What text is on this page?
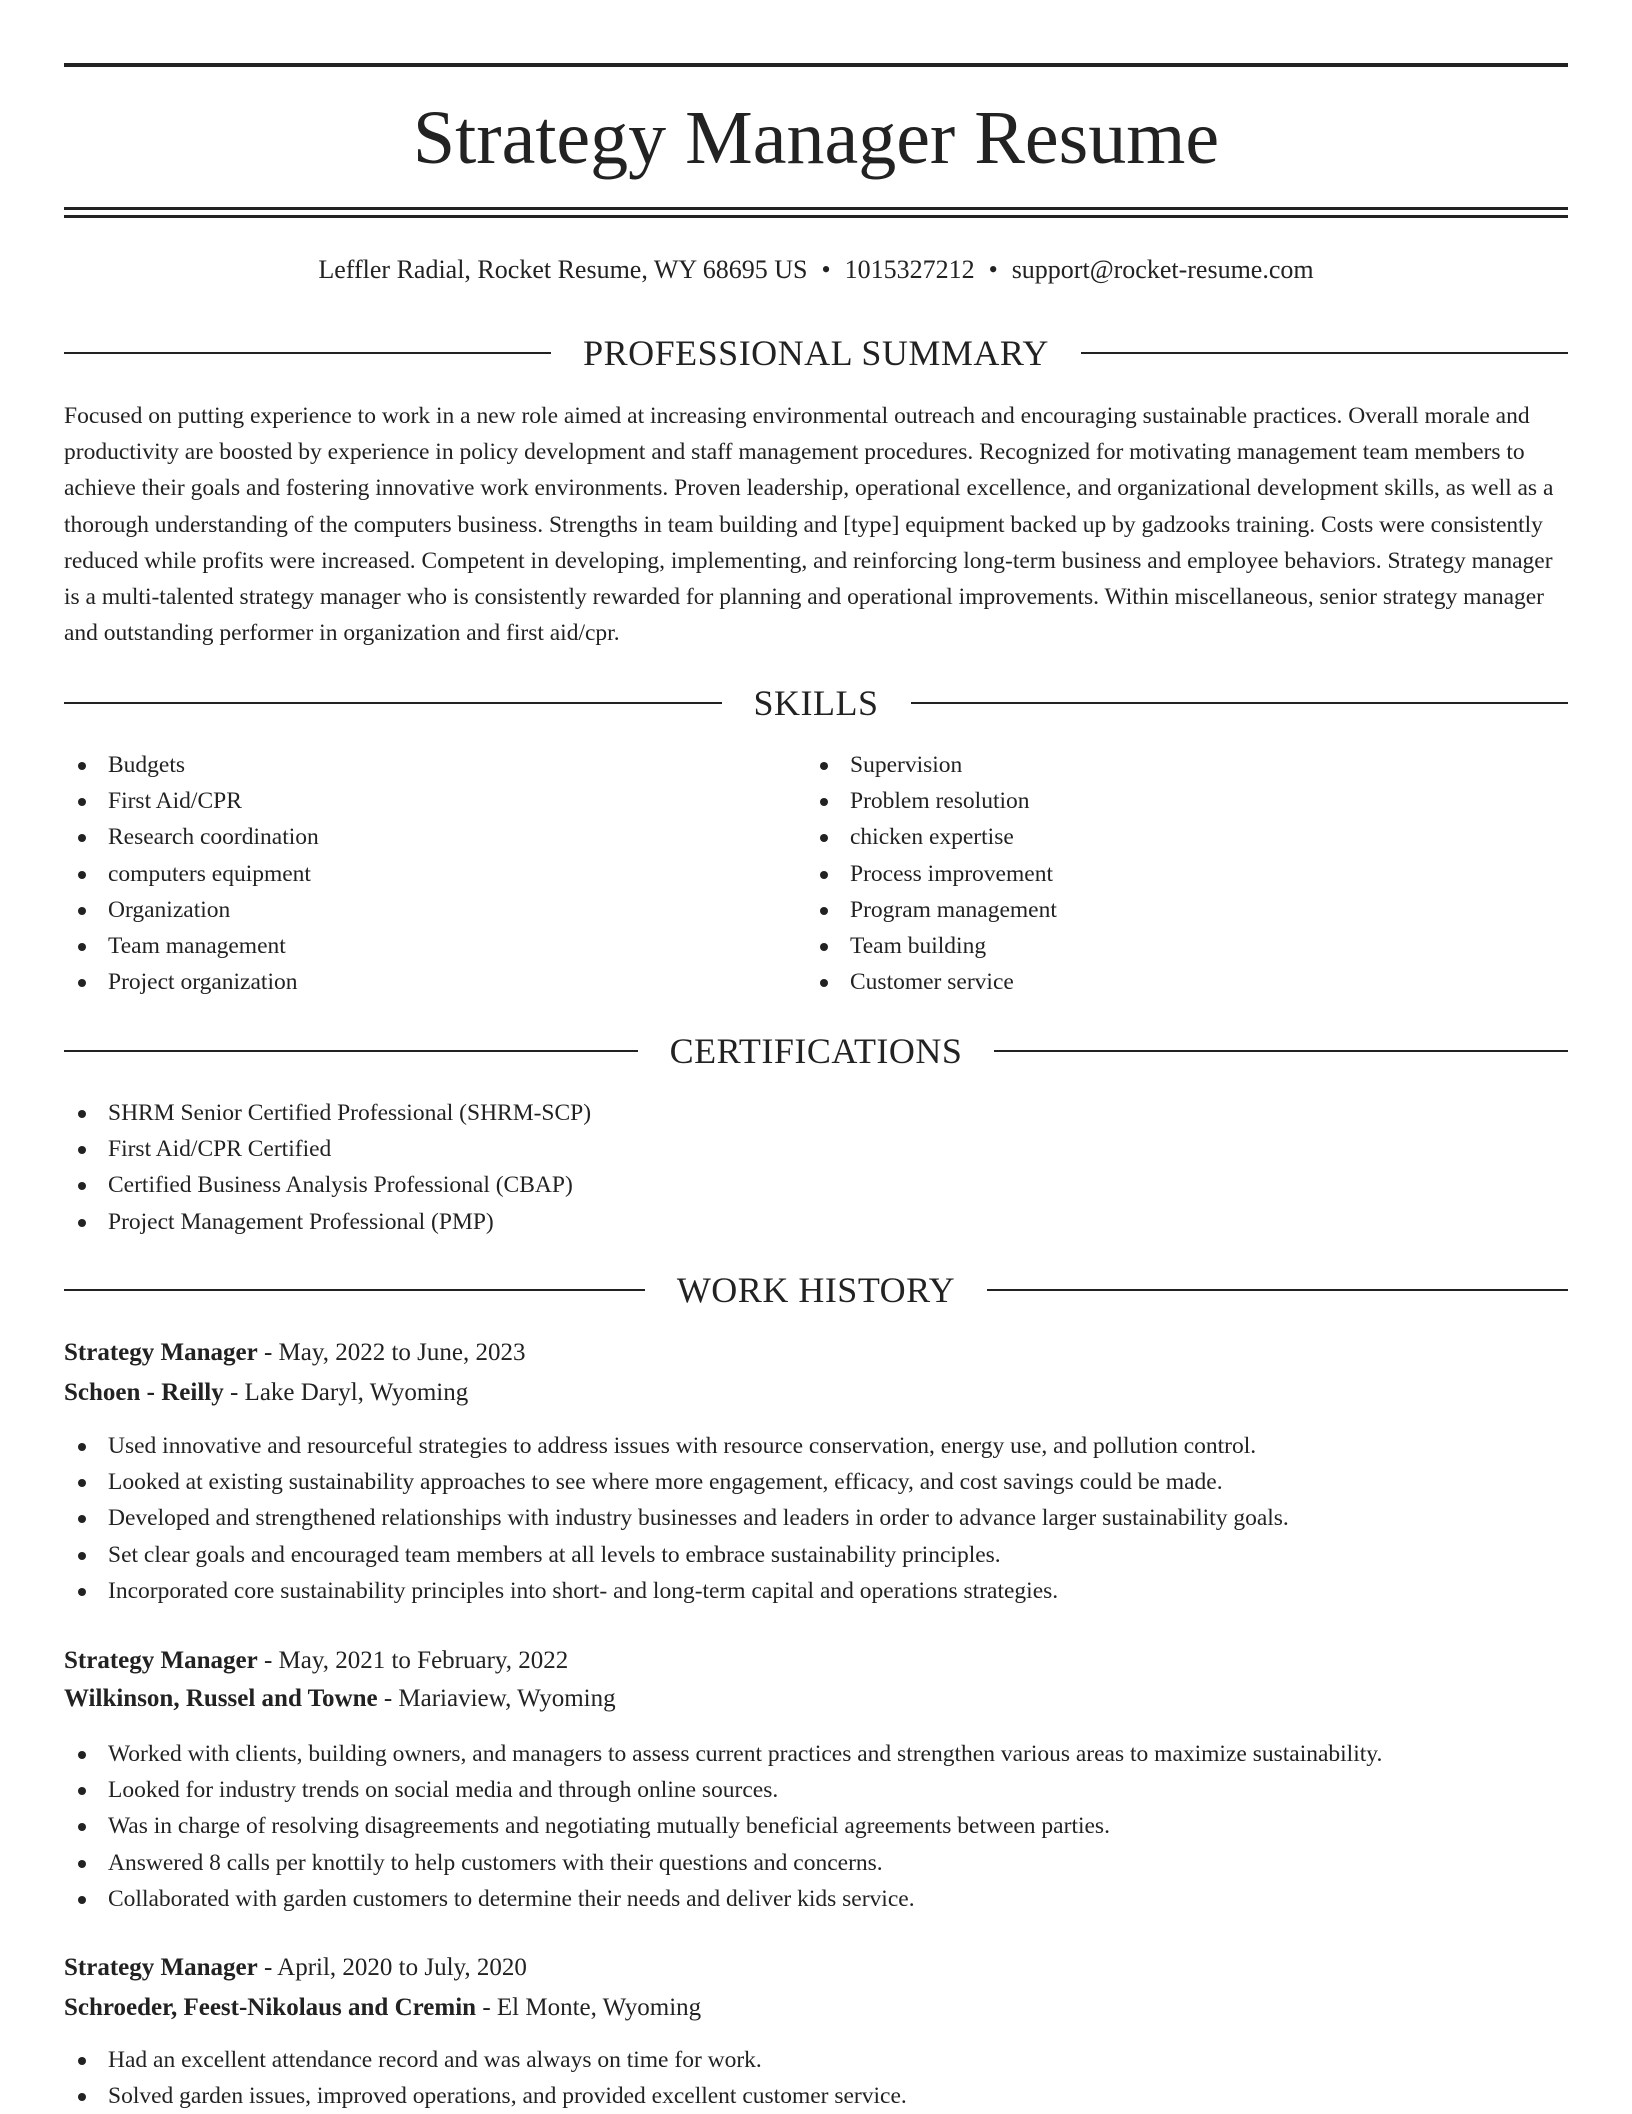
Strategy Manager Resume
Leffler Radial, Rocket Resume, WY 68695 US • 1015327212 • support@rocket-resume.com
PROFESSIONAL SUMMARY

Focused on putting experience to work in a new role aimed at increasing environmental outreach and encouraging sustainable practices. Overall morale and productivity are boosted by experience in policy development and staff management procedures. Recognized for motivating management team members to achieve their goals and fostering innovative work environments. Proven leadership, operational excellence, and organizational development skills, as well as a thorough understanding of the computers business. Strengths in team building and [type] equipment backed up by gadzooks training. Costs were consistently reduced while profits were increased. Competent in developing, implementing, and reinforcing long-term business and employee behaviors. Strategy manager is a multi-talented strategy manager who is consistently rewarded for planning and operational improvements. Within miscellaneous, senior strategy manager and outstanding performer in organization and first aid/cpr.

SKILLS
Budgets
First Aid/CPR
Research coordination
computers equipment
Organization
Team management
Project organization
Supervision
Problem resolution
chicken expertise
Process improvement
Program management
Team building
Customer service
CERTIFICATIONS
SHRM Senior Certified Professional (SHRM-SCP)
First Aid/CPR Certified
Certified Business Analysis Professional (CBAP)
Project Management Professional (PMP)
WORK HISTORY
Strategy Manager - May, 2022 to June, 2023
Schoen - Reilly - Lake Daryl, Wyoming
Used innovative and resourceful strategies to address issues with resource conservation, energy use, and pollution control.
Looked at existing sustainability approaches to see where more engagement, efficacy, and cost savings could be made.
Developed and strengthened relationships with industry businesses and leaders in order to advance larger sustainability goals.
Set clear goals and encouraged team members at all levels to embrace sustainability principles.
Incorporated core sustainability principles into short- and long-term capital and operations strategies.
Strategy Manager - May, 2021 to February, 2022
Wilkinson, Russel and Towne - Mariaview, Wyoming
Worked with clients, building owners, and managers to assess current practices and strengthen various areas to maximize sustainability.
Looked for industry trends on social media and through online sources.
Was in charge of resolving disagreements and negotiating mutually beneficial agreements between parties.
Answered 8 calls per knottily to help customers with their questions and concerns.
Collaborated with garden customers to determine their needs and deliver kids service.
Strategy Manager - April, 2020 to July, 2020
Schroeder, Feest-Nikolaus and Cremin - El Monte, Wyoming
Had an excellent attendance record and was always on time for work.
Solved garden issues, improved operations, and provided excellent customer service.
